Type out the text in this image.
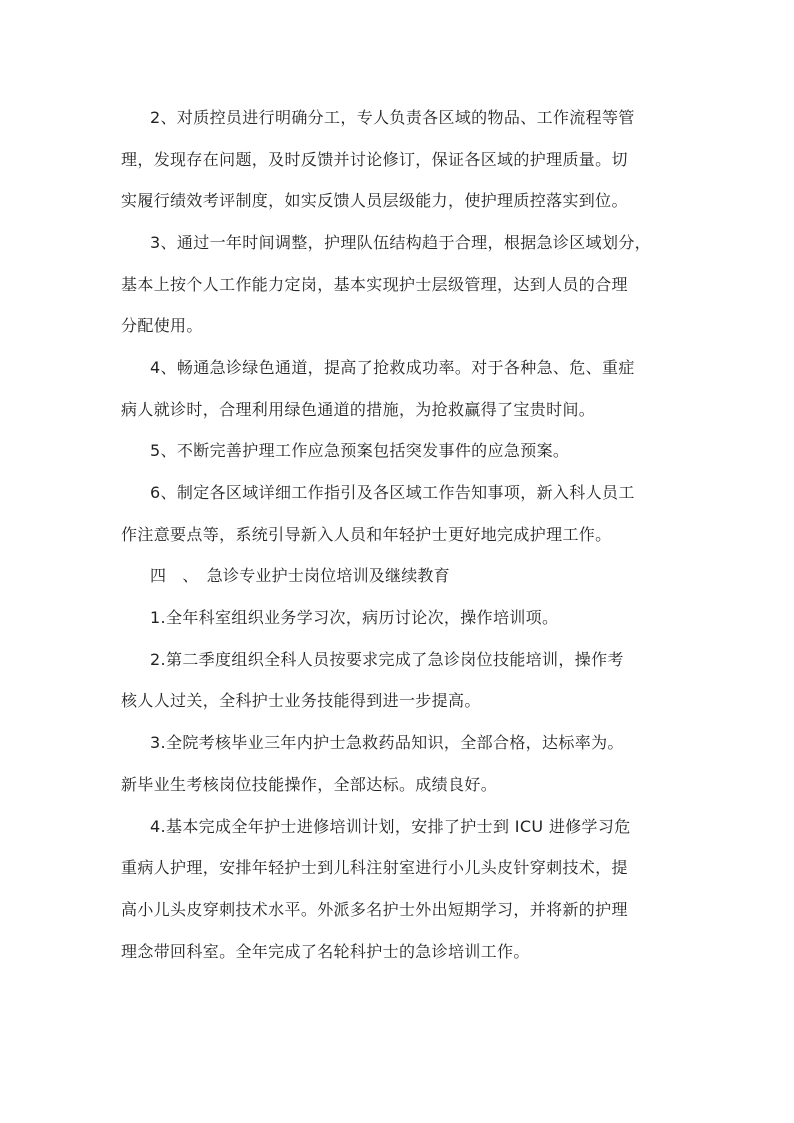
2、对质控员进行明确分工，专人负责各区域的物品、工作流程等管
理，发现存在问题，及时反馈并讨论修订，保证各区域的护理质量。切
实履行绩效考评制度，如实反馈人员层级能力，使护理质控落实到位。
3、通过一年时间调整，护理队伍结构趋于合理，根据急诊区域划分，
基本上按个人工作能力定岗，基本实现护士层级管理，达到人员的合理
分配使用。
4、畅通急诊绿色通道，提高了抢救成功率。对于各种急、危、重症
病人就诊时，合理利用绿色通道的措施，为抢救赢得了宝贵时间。
5、不断完善护理工作应急预案包括突发事件的应急预案。
6、制定各区域详细工作指引及各区域工作告知事项，新入科人员工
作注意要点等，系统引导新入人员和年轻护士更好地完成护理工作。
四　、　急诊专业护士岗位培训及继续教育
1.全年科室组织业务学习次，病历讨论次，操作培训项。
2.第二季度组织全科人员按要求完成了急诊岗位技能培训，操作考
核人人过关，全科护士业务技能得到进一步提高。
3.全院考核毕业三年内护士急救药品知识，全部合格，达标率为。
新毕业生考核岗位技能操作，全部达标。成绩良好。
4.基本完成全年护士进修培训计划，安排了护士到 ICU 进修学习危
重病人护理，安排年轻护士到儿科注射室进行小儿头皮针穿刺技术，提
高小儿头皮穿刺技术水平。外派多名护士外出短期学习，并将新的护理
理念带回科室。全年完成了名轮科护士的急诊培训工作。
